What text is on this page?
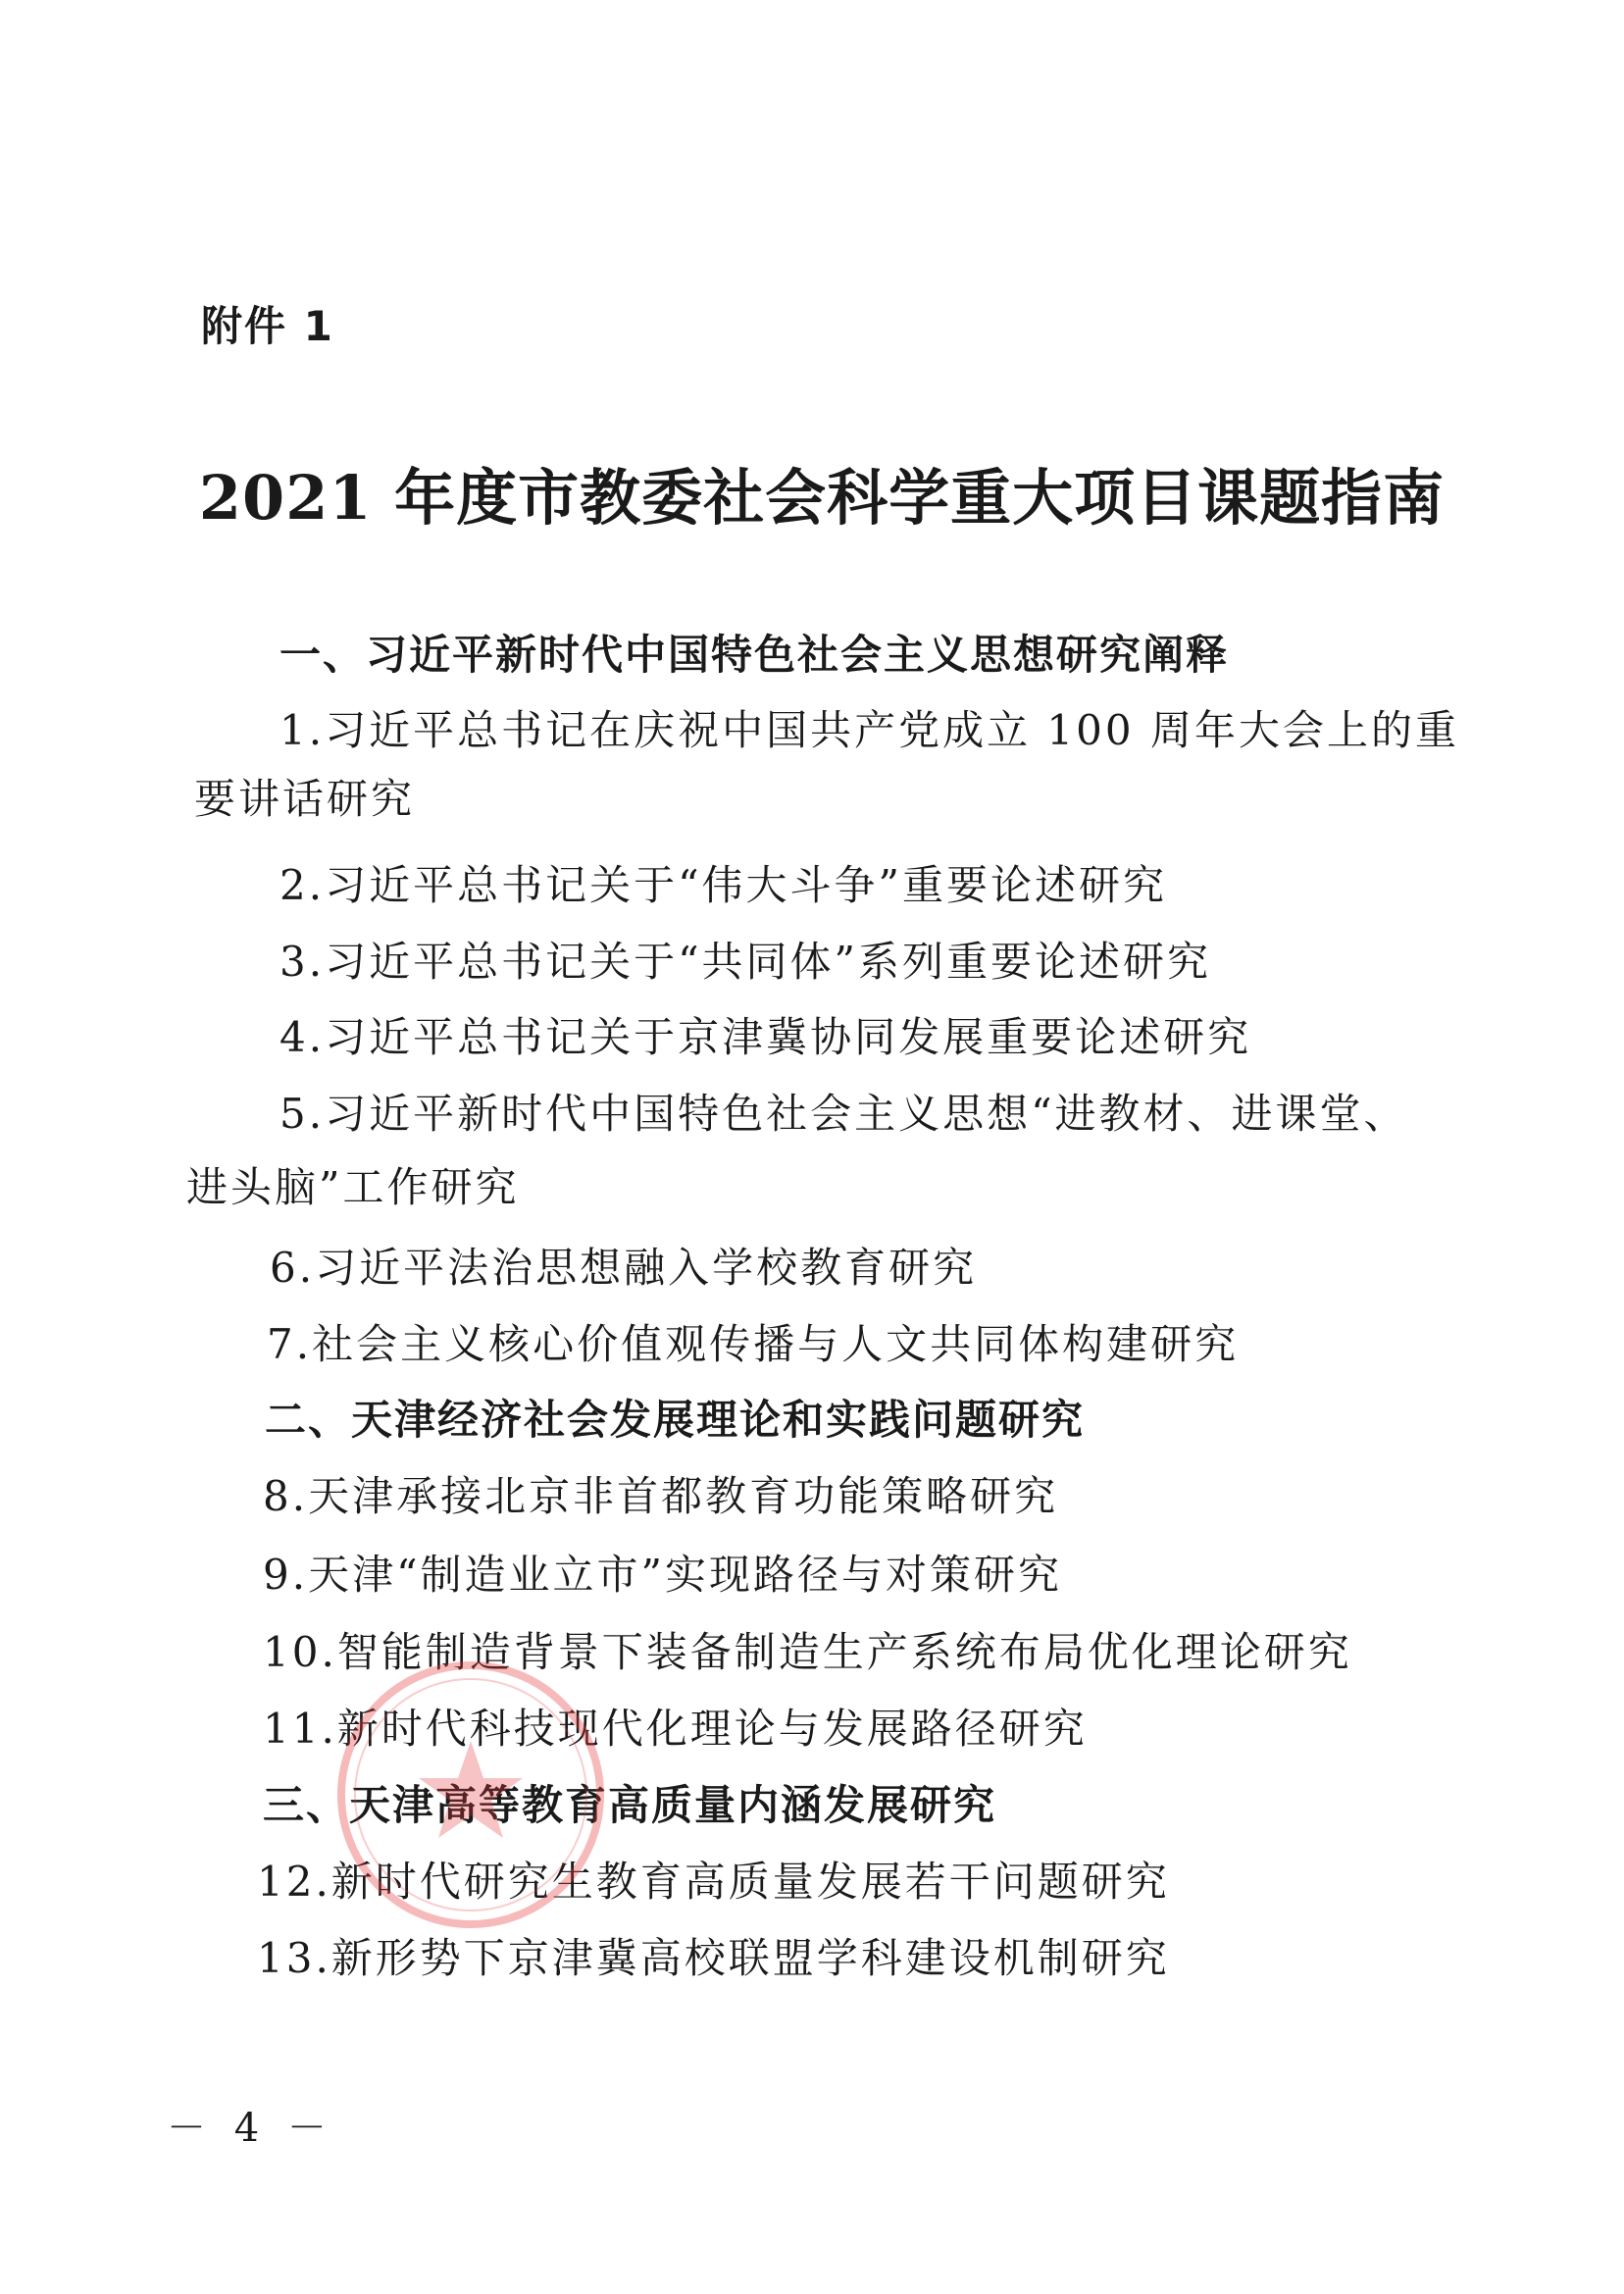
附件 1
2021 年度市教委社会科学重大项目课题指南
一、习近平新时代中国特色社会主义思想研究阐释
1.习近平总书记在庆祝中国共产党成立 100 周年大会上的重
要讲话研究
2.习近平总书记关于“伟大斗争”重要论述研究
3.习近平总书记关于“共同体”系列重要论述研究
4.习近平总书记关于京津冀协同发展重要论述研究
5.习近平新时代中国特色社会主义思想“进教材、进课堂、
进头脑”工作研究
6.习近平法治思想融入学校教育研究
7.社会主义核心价值观传播与人文共同体构建研究
二、天津经济社会发展理论和实践问题研究
8.天津承接北京非首都教育功能策略研究
9.天津“制造业立市”实现路径与对策研究
10.智能制造背景下装备制造生产系统布局优化理论研究
11.新时代科技现代化理论与发展路径研究
三、天津高等教育高质量内涵发展研究
12.新时代研究生教育高质量发展若干问题研究
13.新形势下京津冀高校联盟学科建设机制研究
－ 4 －
